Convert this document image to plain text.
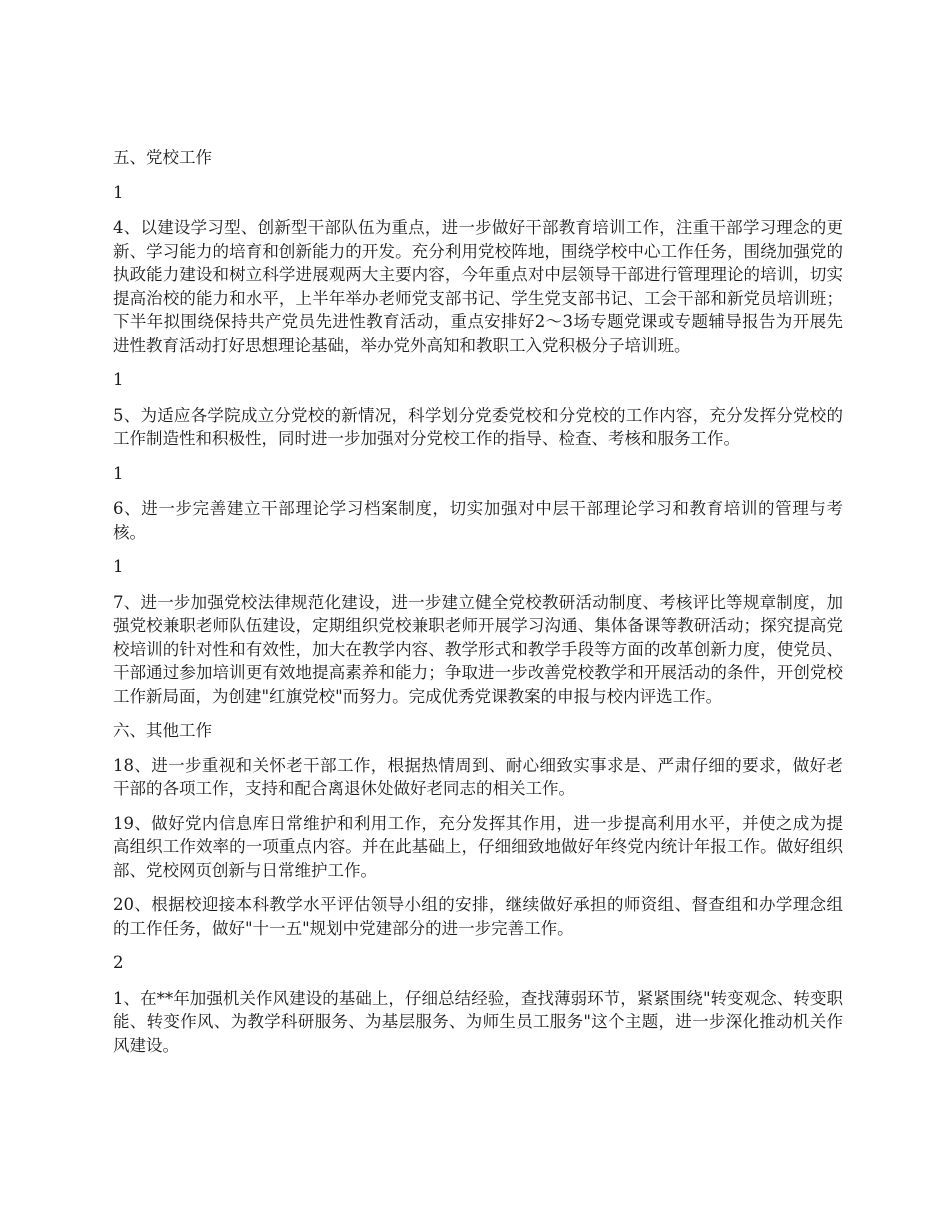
五、党校工作

1

4、以建设学习型、创新型干部队伍为重点，进一步做好干部教育培训工作，注重干部学习理念的更新、学习能力的培育和创新能力的开发。充分利用党校阵地，围绕学校中心工作任务，围绕加强党的执政能力建设和树立科学进展观两大主要内容，今年重点对中层领导干部进行管理理论的培训，切实提高治校的能力和水平，上半年举办老师党支部书记、学生党支部书记、工会干部和新党员培训班；下半年拟围绕保持共产党员先进性教育活动，重点安排好2～3场专题党课或专题辅导报告为开展先进性教育活动打好思想理论基础，举办党外高知和教职工入党积极分子培训班。

1

5、为适应各学院成立分党校的新情况，科学划分党委党校和分党校的工作内容，充分发挥分党校的工作制造性和积极性，同时进一步加强对分党校工作的指导、检查、考核和服务工作。

1

6、进一步完善建立干部理论学习档案制度，切实加强对中层干部理论学习和教育培训的管理与考核。

1

7、进一步加强党校法律规范化建设，进一步建立健全党校教研活动制度、考核评比等规章制度，加强党校兼职老师队伍建设，定期组织党校兼职老师开展学习沟通、集体备课等教研活动；探究提高党校培训的针对性和有效性，加大在教学内容、教学形式和教学手段等方面的改革创新力度，使党员、干部通过参加培训更有效地提高素养和能力；争取进一步改善党校教学和开展活动的条件，开创党校工作新局面，为创建"红旗党校"而努力。完成优秀党课教案的申报与校内评选工作。

六、其他工作

18、进一步重视和关怀老干部工作，根据热情周到、耐心细致实事求是、严肃仔细的要求，做好老干部的各项工作，支持和配合离退休处做好老同志的相关工作。

19、做好党内信息库日常维护和利用工作，充分发挥其作用，进一步提高利用水平，并使之成为提高组织工作效率的一项重点内容。并在此基础上，仔细细致地做好年终党内统计年报工作。做好组织部、党校网页创新与日常维护工作。

20、根据校迎接本科教学水平评估领导小组的安排，继续做好承担的师资组、督查组和办学理念组的工作任务，做好"十一五"规划中党建部分的进一步完善工作。

2

1、在**年加强机关作风建设的基础上，仔细总结经验，查找薄弱环节，紧紧围绕"转变观念、转变职能、转变作风、为教学科研服务、为基层服务、为师生员工服务"这个主题，进一步深化推动机关作风建设。
